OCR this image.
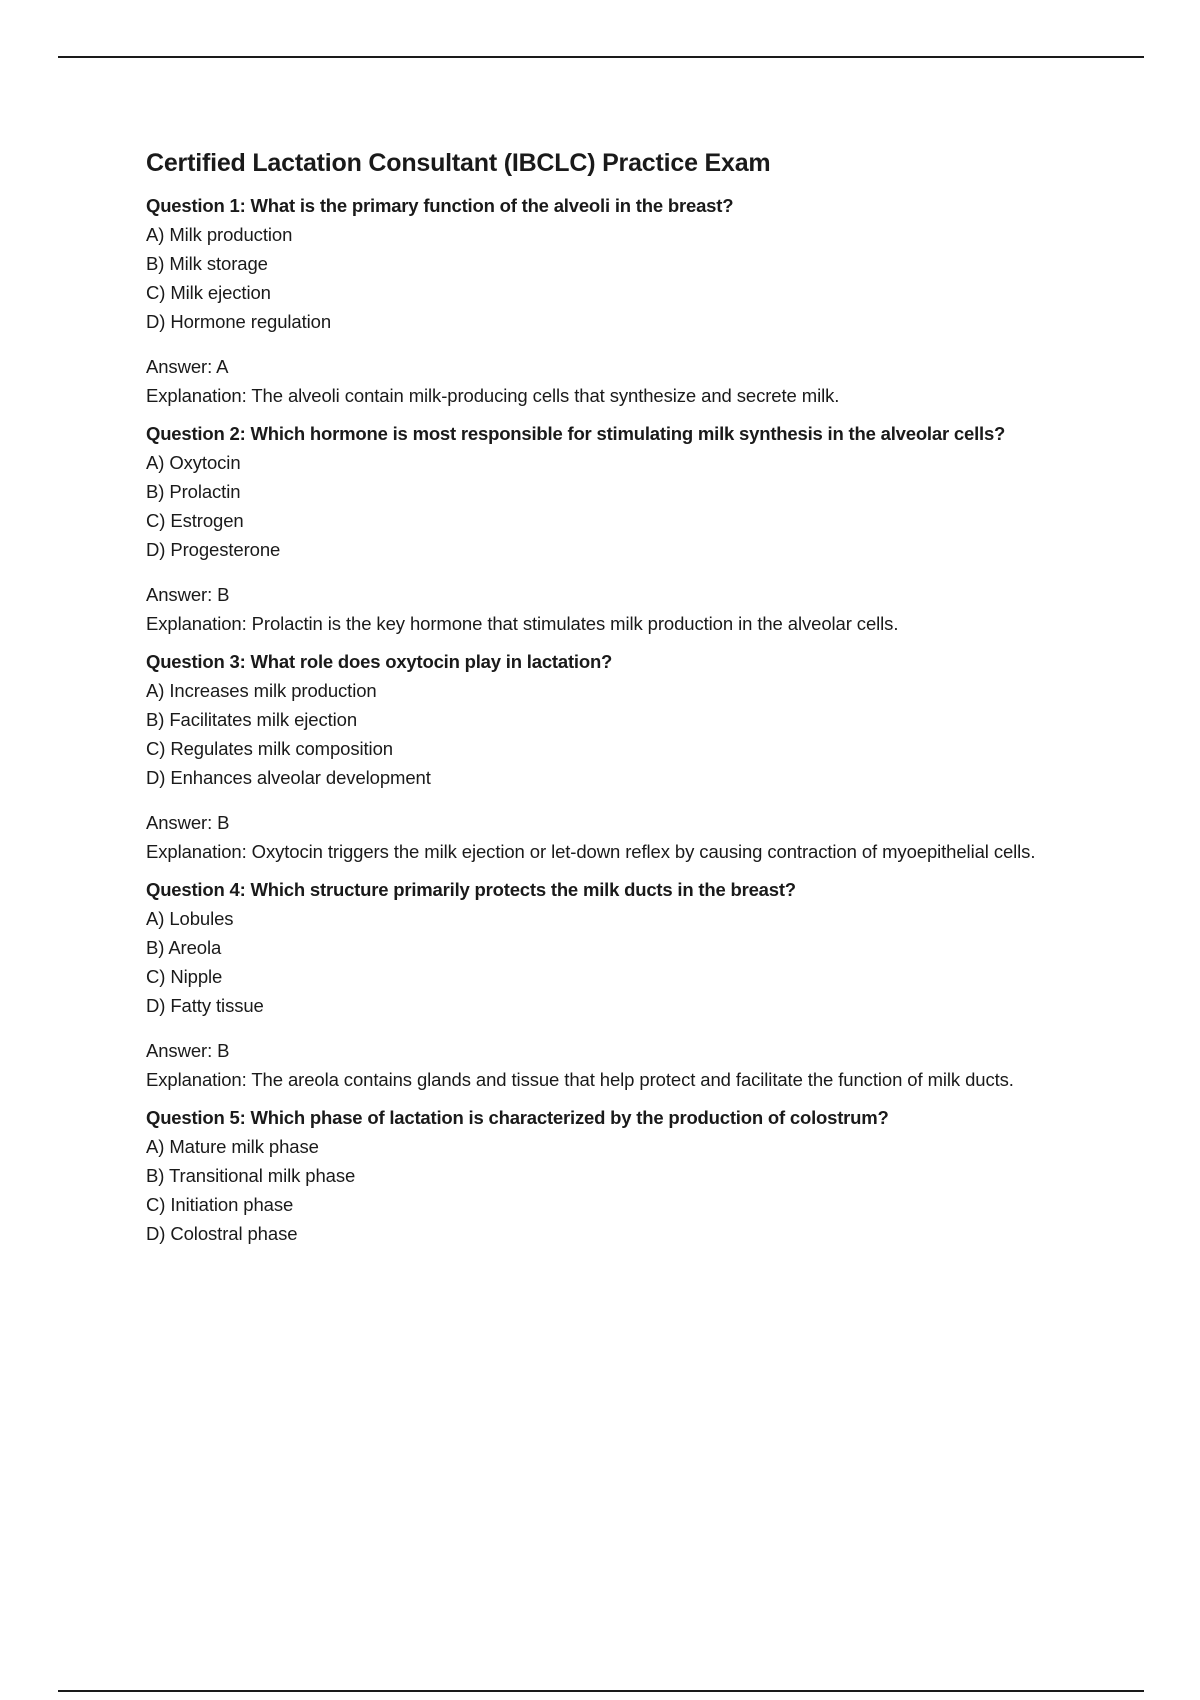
Certified Lactation Consultant (IBCLC) Practice Exam

Question 1: What is the primary function of the alveoli in the breast?

A) Milk production
B) Milk storage
C) Milk ejection
D) Hormone regulation
Answer: A
Explanation: The alveoli contain milk-producing cells that synthesize and secrete milk.

Question 2: Which hormone is most responsible for stimulating milk synthesis in the alveolar cells?

A) Oxytocin
B) Prolactin
C) Estrogen
D) Progesterone
Answer: B
Explanation: Prolactin is the key hormone that stimulates milk production in the alveolar cells.

Question 3: What role does oxytocin play in lactation?

A) Increases milk production
B) Facilitates milk ejection
C) Regulates milk composition
D) Enhances alveolar development
Answer: B
Explanation: Oxytocin triggers the milk ejection or let-down reflex by causing contraction of myoepithelial cells.

Question 4: Which structure primarily protects the milk ducts in the breast?

A) Lobules
B) Areola
C) Nipple
D) Fatty tissue
Answer: B
Explanation: The areola contains glands and tissue that help protect and facilitate the function of milk ducts.

Question 5: Which phase of lactation is characterized by the production of colostrum?

A) Mature milk phase
B) Transitional milk phase
C) Initiation phase
D) Colostral phase
